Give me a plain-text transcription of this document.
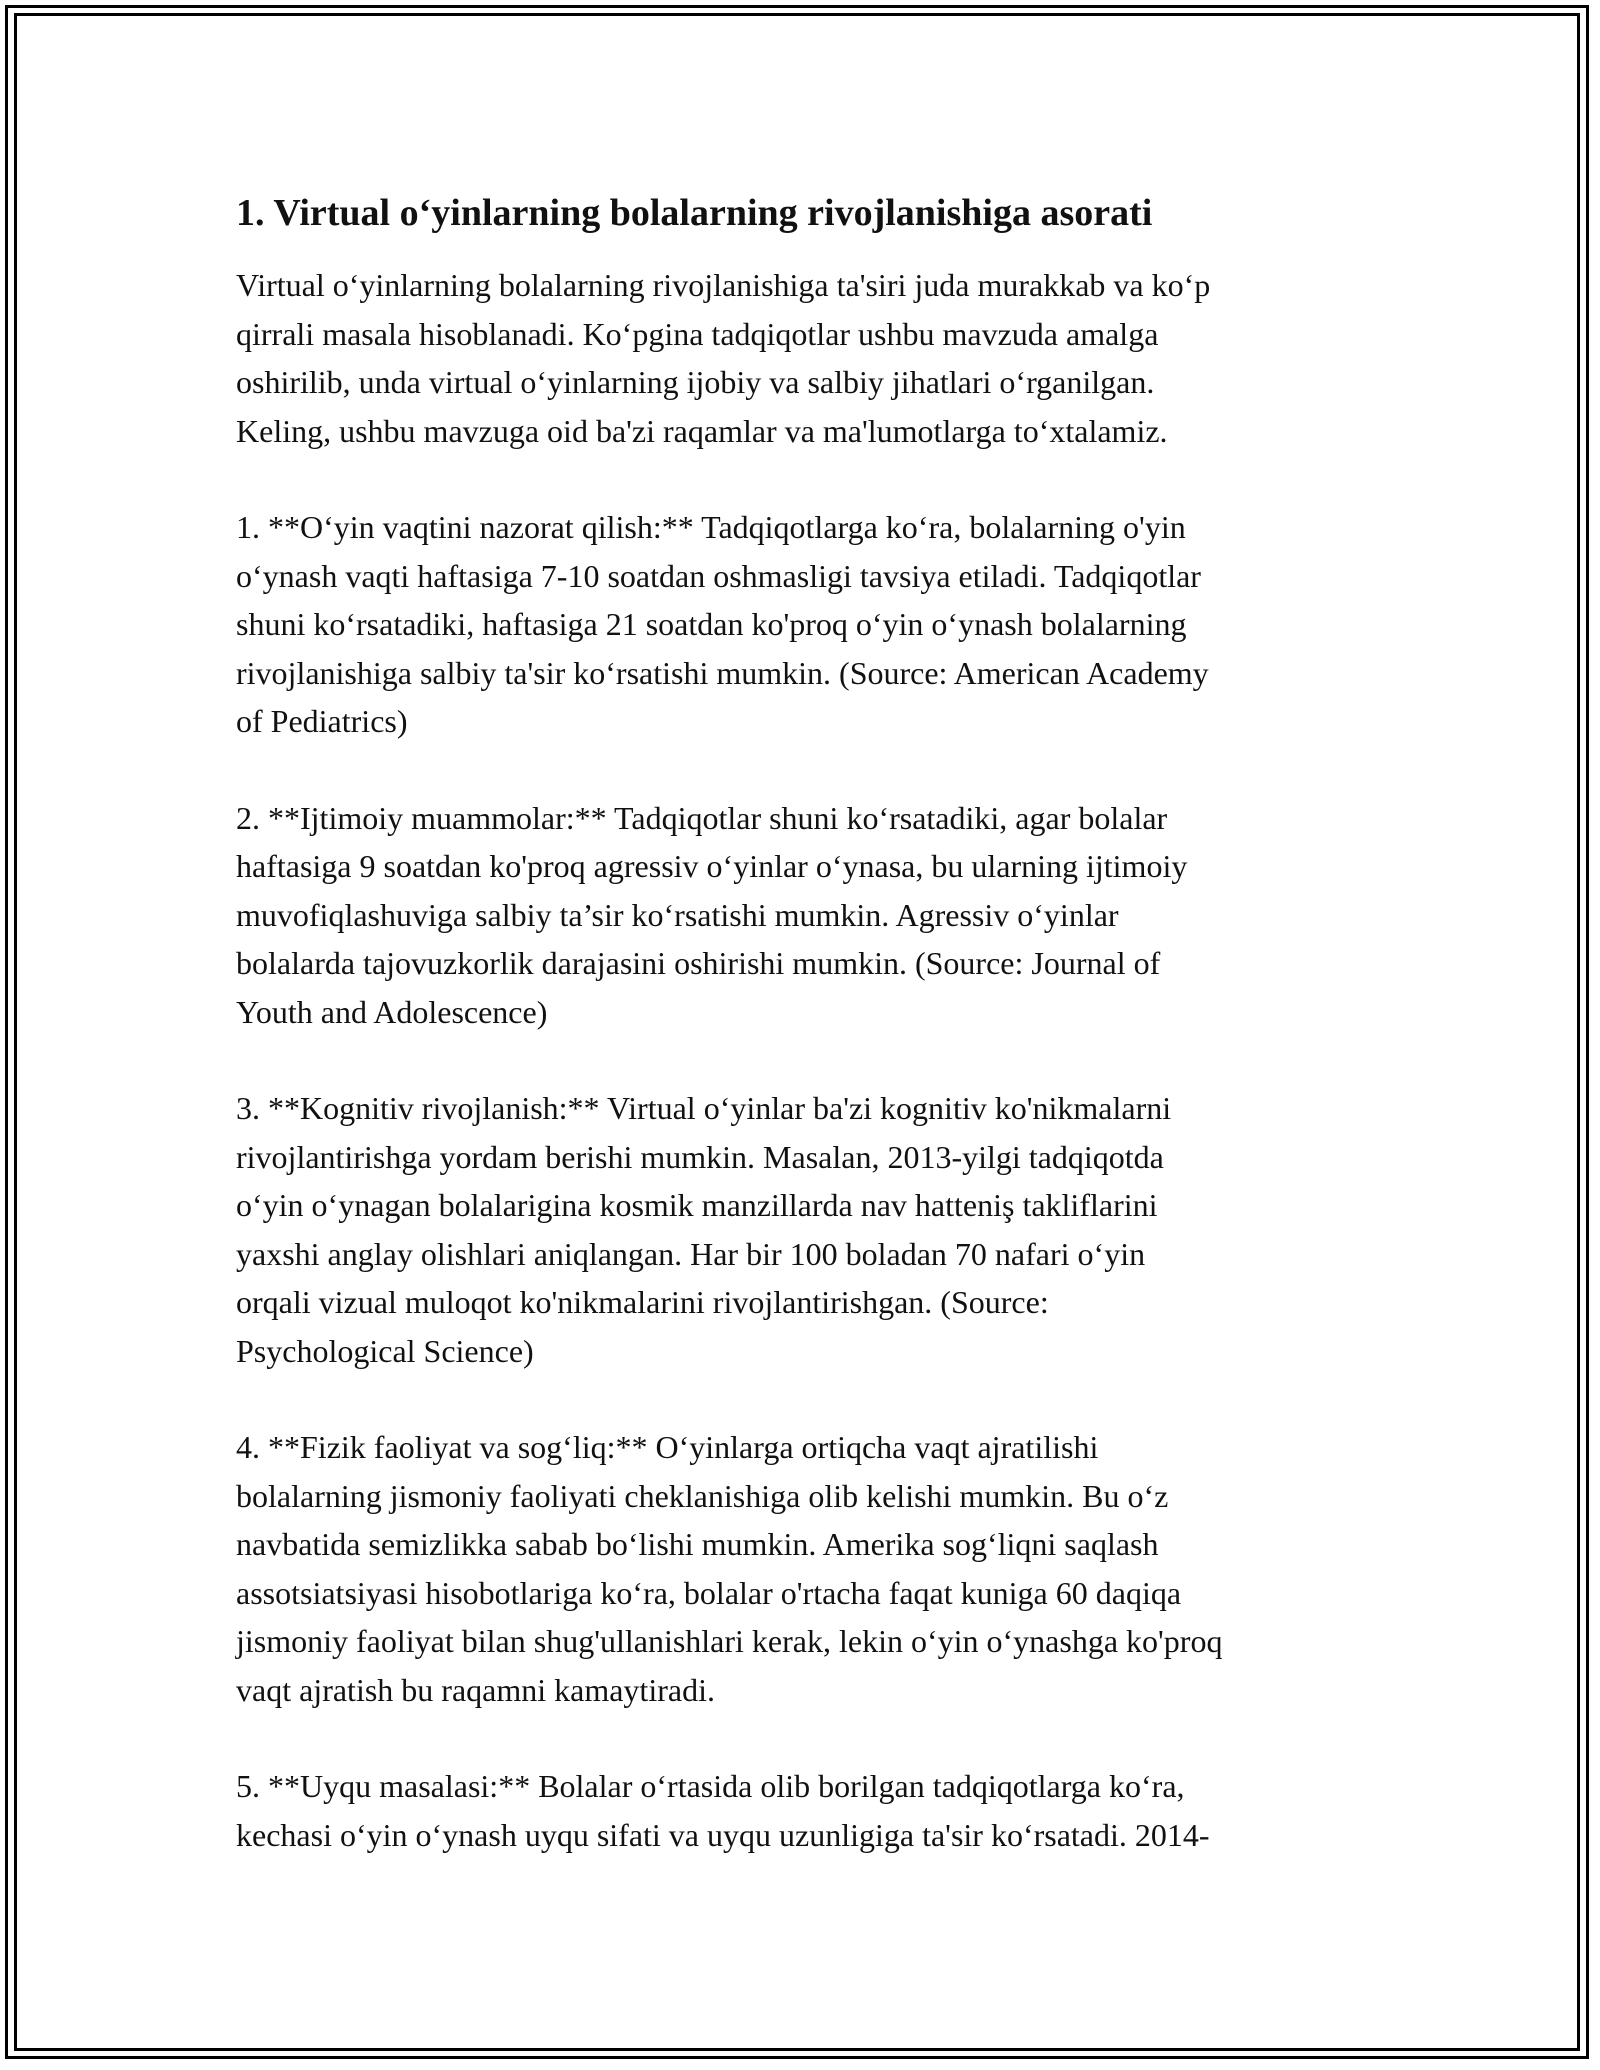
1. Virtual o‘yinlarning bolalarning rivojlanishiga asorati

Virtual o‘yinlarning bolalarning rivojlanishiga ta'siri juda murakkab va ko‘p
qirrali masala hisoblanadi. Ko‘pgina tadqiqotlar ushbu mavzuda amalga
oshirilib, unda virtual o‘yinlarning ijobiy va salbiy jihatlari o‘rganilgan.
Keling, ushbu mavzuga oid ba'zi raqamlar va ma'lumotlarga to‘xtalamiz.

1. **O‘yin vaqtini nazorat qilish:** Tadqiqotlarga ko‘ra, bolalarning o'yin
o‘ynash vaqti haftasiga 7-10 soatdan oshmasligi tavsiya etiladi. Tadqiqotlar
shuni ko‘rsatadiki, haftasiga 21 soatdan ko'proq o‘yin o‘ynash bolalarning
rivojlanishiga salbiy ta'sir ko‘rsatishi mumkin. (Source: American Academy
of Pediatrics)

2. **Ijtimoiy muammolar:** Tadqiqotlar shuni ko‘rsatadiki, agar bolalar
haftasiga 9 soatdan ko'proq agressiv o‘yinlar o‘ynasa, bu ularning ijtimoiy
muvofiqlashuviga salbiy ta’sir ko‘rsatishi mumkin. Agressiv o‘yinlar
bolalarda tajovuzkorlik darajasini oshirishi mumkin. (Source: Journal of
Youth and Adolescence)

3. **Kognitiv rivojlanish:** Virtual o‘yinlar ba'zi kognitiv ko'nikmalarni
rivojlantirishga yordam berishi mumkin. Masalan, 2013-yilgi tadqiqotda
o‘yin o‘ynagan bolalarigina kosmik manzillarda nav hatteniş takliflarini
yaxshi anglay olishlari aniqlangan. Har bir 100 boladan 70 nafari o‘yin
orqali vizual muloqot ko'nikmalarini rivojlantirishgan. (Source:
Psychological Science)

4. **Fizik faoliyat va sog‘liq:** O‘yinlarga ortiqcha vaqt ajratilishi
bolalarning jismoniy faoliyati cheklanishiga olib kelishi mumkin. Bu o‘z
navbatida semizlikka sabab bo‘lishi mumkin. Amerika sog‘liqni saqlash
assotsiatsiyasi hisobotlariga ko‘ra, bolalar o'rtacha faqat kuniga 60 daqiqa
jismoniy faoliyat bilan shug'ullanishlari kerak, lekin o‘yin o‘ynashga ko'proq
vaqt ajratish bu raqamni kamaytiradi.

5. **Uyqu masalasi:** Bolalar o‘rtasida olib borilgan tadqiqotlarga ko‘ra,
kechasi o‘yin o‘ynash uyqu sifati va uyqu uzunligiga ta'sir ko‘rsatadi. 2014-
